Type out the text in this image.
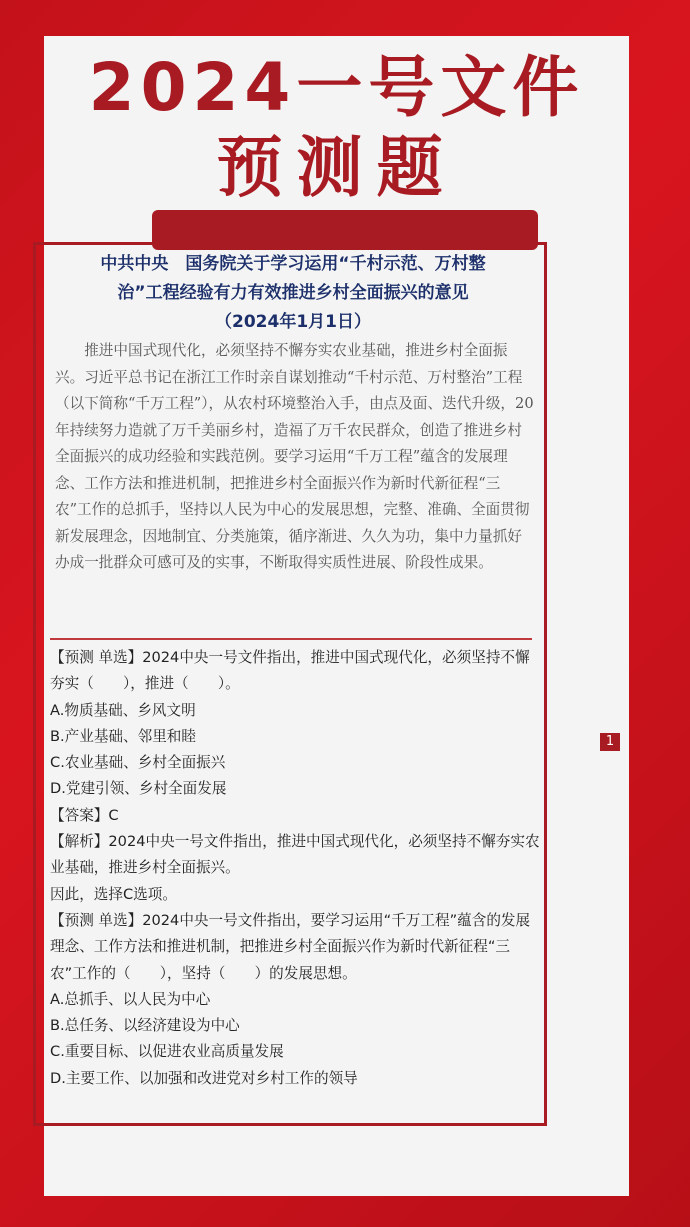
2024一号文件
预测题
中共中央　国务院关于学习运用“千村示范、万村整
治”工程经验有力有效推进乡村全面振兴的意见
（2024年1月1日）

推进中国式现代化，必须坚持不懈夯实农业基础，推进乡村全面振兴。习近平总书记在浙江工作时亲自谋划推动“千村示范、万村整治”工程（以下简称“千万工程”），从农村环境整治入手，由点及面、迭代升级，20年持续努力造就了万千美丽乡村，造福了万千农民群众，创造了推进乡村全面振兴的成功经验和实践范例。要学习运用“千万工程”蕴含的发展理念、工作方法和推进机制，把推进乡村全面振兴作为新时代新征程“三农”工作的总抓手，坚持以人民为中心的发展思想，完整、准确、全面贯彻新发展理念，因地制宜、分类施策，循序渐进、久久为功，集中力量抓好办成一批群众可感可及的实事，不断取得实质性进展、阶段性成果。

【预测 单选】2024中央一号文件指出，推进中国式现代化，必须坚持不懈夯实（　　），推进（　　）。
A.物质基础、乡风文明
B.产业基础、邻里和睦
C.农业基础、乡村全面振兴
D.党建引领、乡村全面发展
【答案】C
【解析】2024中央一号文件指出，推进中国式现代化，必须坚持不懈夯实农业基础，推进乡村全面振兴。
因此，选择C选项。
【预测 单选】2024中央一号文件指出，要学习运用“千万工程”蕴含的发展理念、工作方法和推进机制，把推进乡村全面振兴作为新时代新征程“三农”工作的（　　），坚持（　　）的发展思想。
A.总抓手、以人民为中心
B.总任务、以经济建设为中心
C.重要目标、以促进农业高质量发展
D.主要工作、以加强和改进党对乡村工作的领导
1
